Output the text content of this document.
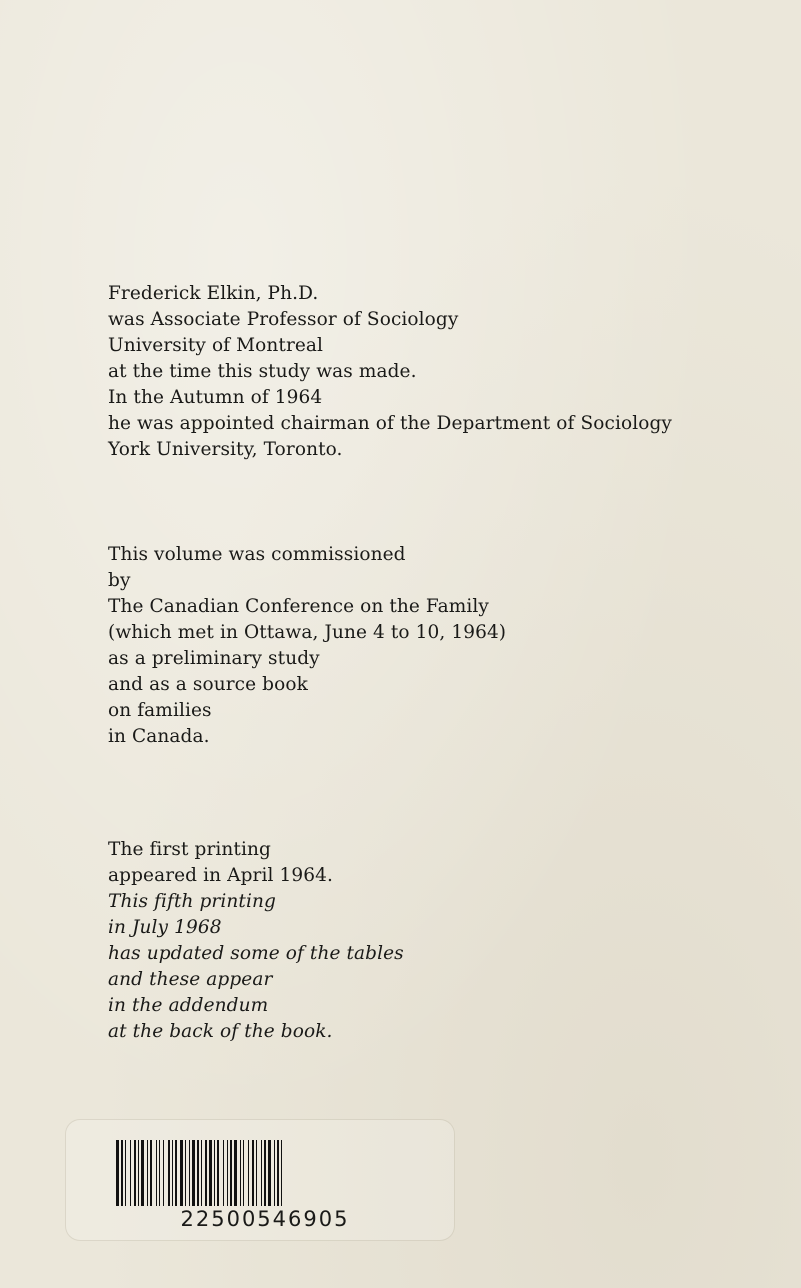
Frederick Elkin, Ph.D.
was Associate Professor of Sociology
University of Montreal
at the time this study was made.
In the Autumn of 1964
he was appointed chairman of the Department of Sociology
York University, Toronto.
This volume was commissioned
by
The Canadian Conference on the Family
(which met in Ottawa, June 4 to 10, 1964)
as a preliminary study
and as a source book
on families
in Canada.
The first printing
appeared in April 1964.
This fifth printing
in July 1968
has updated some of the tables
and these appear
in the addendum
at the back of the book.
22500546905
